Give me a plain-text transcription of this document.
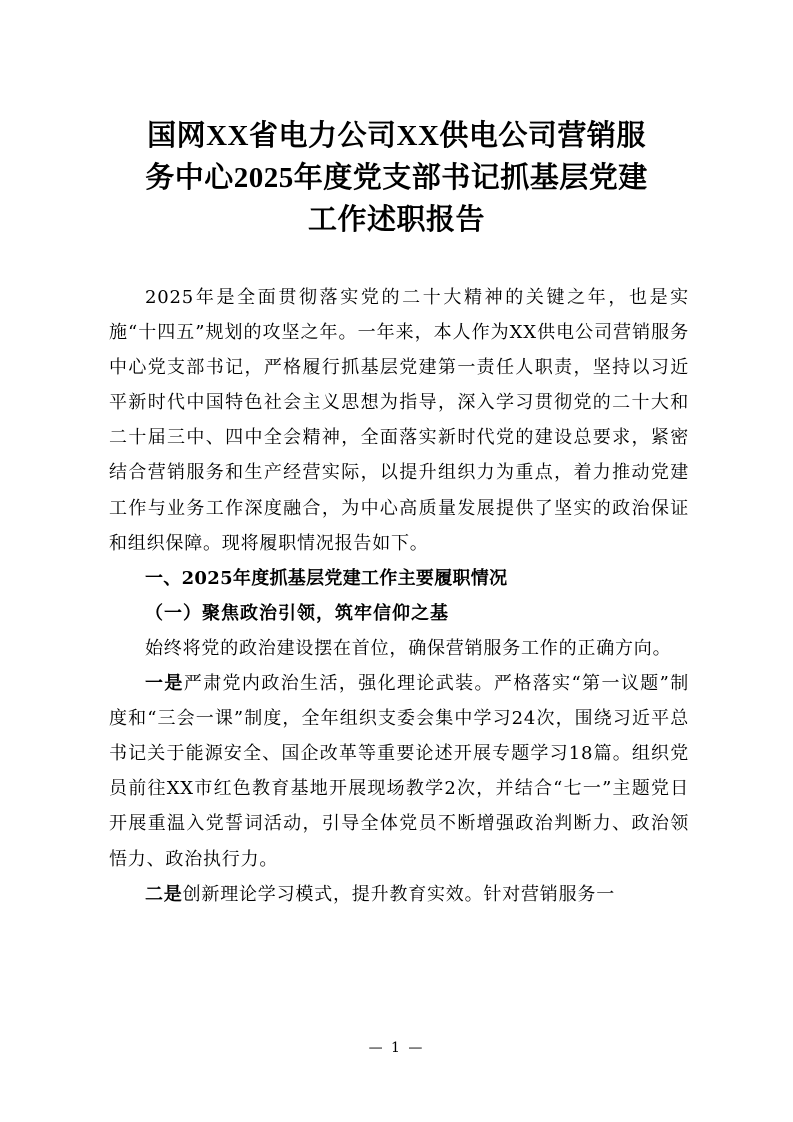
国网XX省电力公司XX供电公司营销服
务中心2025年度党支部书记抓基层党建
工作述职报告

2025年是全面贯彻落实党的二十大精神的关键之年，也是实施“十四五”规划的攻坚之年。一年来，本人作为XX供电公司营销服务中心党支部书记，严格履行抓基层党建第一责任人职责，坚持以习近平新时代中国特色社会主义思想为指导，深入学习贯彻党的二十大和二十届三中、四中全会精神，全面落实新时代党的建设总要求，紧密结合营销服务和生产经营实际，以提升组织力为重点，着力推动党建工作与业务工作深度融合，为中心高质量发展提供了坚实的政治保证和组织保障。现将履职情况报告如下。

一、2025年度抓基层党建工作主要履职情况

（一）聚焦政治引领，筑牢信仰之基

始终将党的政治建设摆在首位，确保营销服务工作的正确方向。

一是严肃党内政治生活，强化理论武装。严格落实“第一议题”制度和“三会一课”制度，全年组织支委会集中学习24次，围绕习近平总书记关于能源安全、国企改革等重要论述开展专题学习18篇。组织党员前往XX市红色教育基地开展现场教学2次，并结合“七一”主题党日开展重温入党誓词活动，引导全体党员不断增强政治判断力、政治领悟力、政治执行力。

二是创新理论学习模式，提升教育实效。针对营销服务一

— 1 —
